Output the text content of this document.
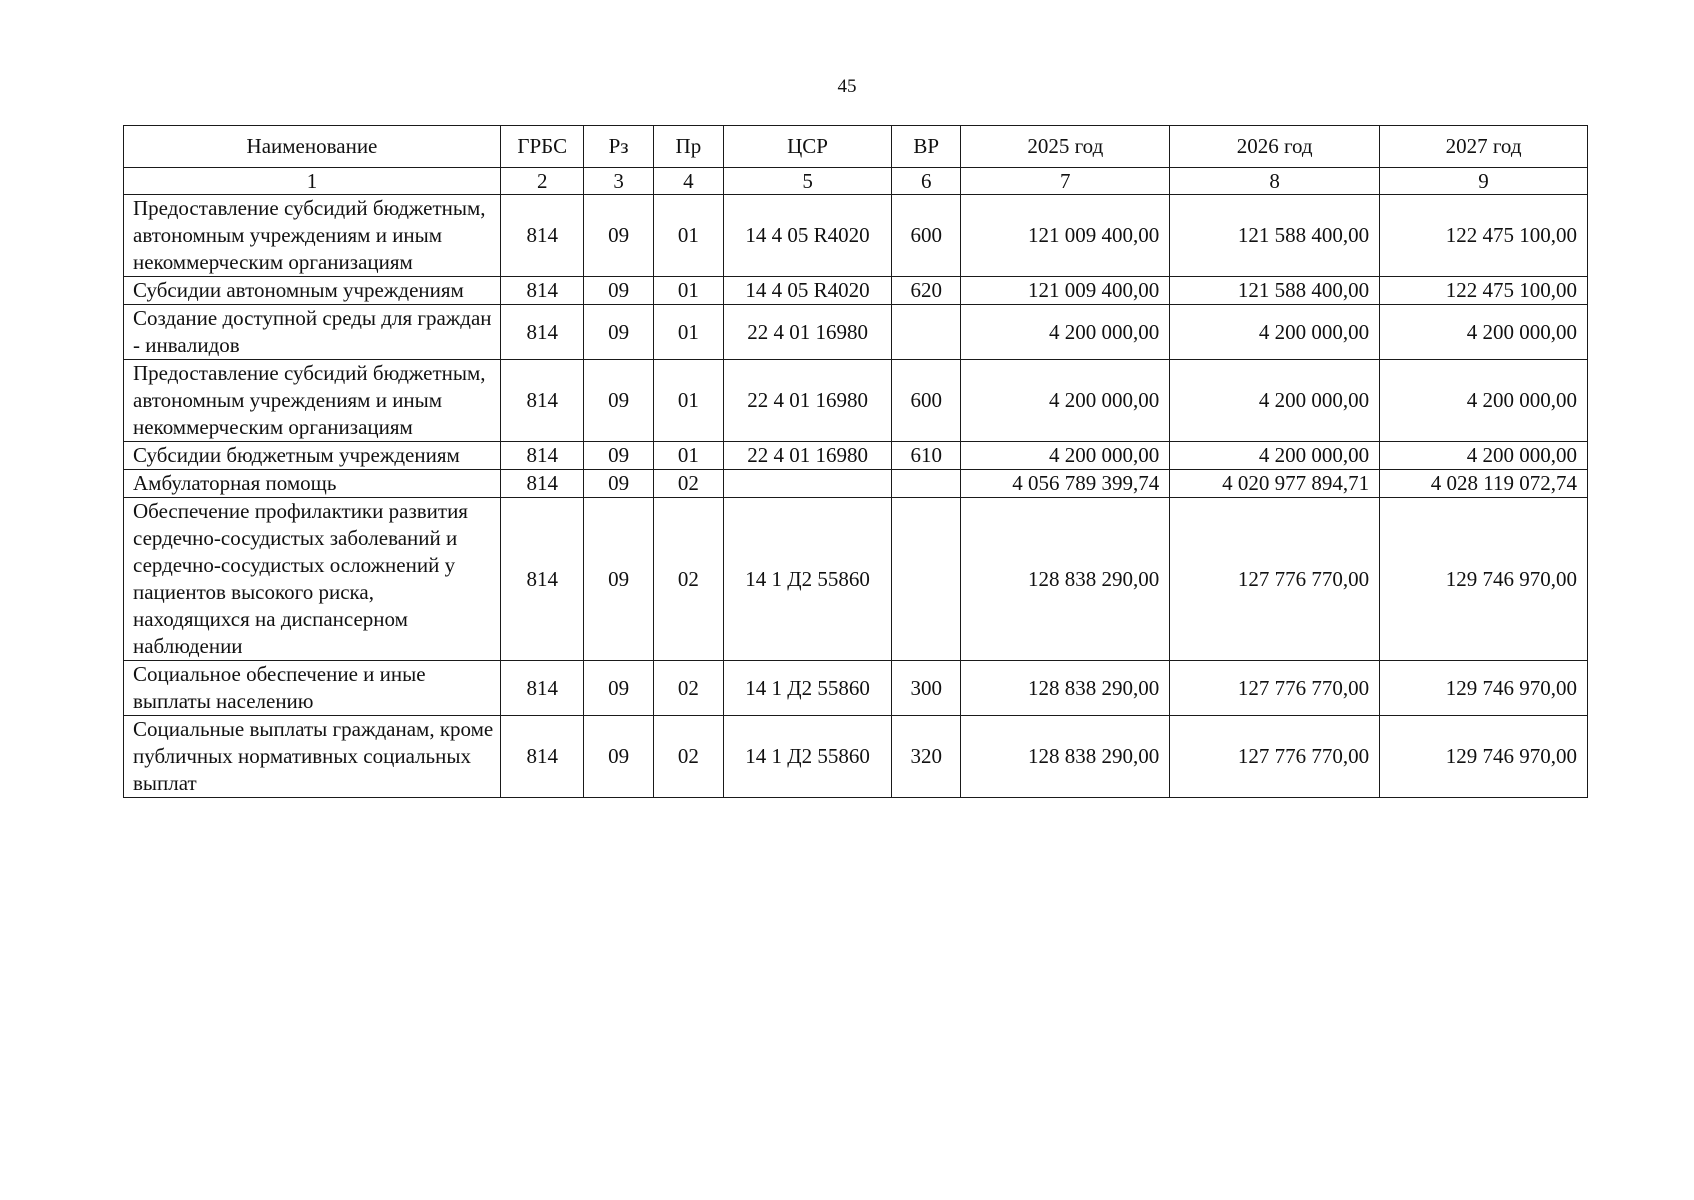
45
Наименование	ГРБС	Рз	Пр	ЦСР	ВР	2025 год	2026 год	2027 год
1	2	3	4	5	6	7	8	9
Предоставление субсидий бюджетным, автономным учреждениям и иным некоммерческим организациям	814	09	01	14 4 05 R4020	600	121 009 400,00	121 588 400,00	122 475 100,00
Субсидии автономным учреждениям	814	09	01	14 4 05 R4020	620	121 009 400,00	121 588 400,00	122 475 100,00
Создание доступной среды для граждан - инвалидов	814	09	01	22 4 01 16980		4 200 000,00	4 200 000,00	4 200 000,00
Предоставление субсидий бюджетным, автономным учреждениям и иным некоммерческим организациям	814	09	01	22 4 01 16980	600	4 200 000,00	4 200 000,00	4 200 000,00
Субсидии бюджетным учреждениям	814	09	01	22 4 01 16980	610	4 200 000,00	4 200 000,00	4 200 000,00
Амбулаторная помощь	814	09	02			4 056 789 399,74	4 020 977 894,71	4 028 119 072,74
Обеспечение профилактики развития сердечно-сосудистых заболеваний и сердечно-сосудистых осложнений у пациентов высокого риска, находящихся на диспансерном наблюдении	814	09	02	14 1 Д2 55860		128 838 290,00	127 776 770,00	129 746 970,00
Социальное обеспечение и иные выплаты населению	814	09	02	14 1 Д2 55860	300	128 838 290,00	127 776 770,00	129 746 970,00
Социальные выплаты гражданам, кроме публичных нормативных социальных выплат	814	09	02	14 1 Д2 55860	320	128 838 290,00	127 776 770,00	129 746 970,00
